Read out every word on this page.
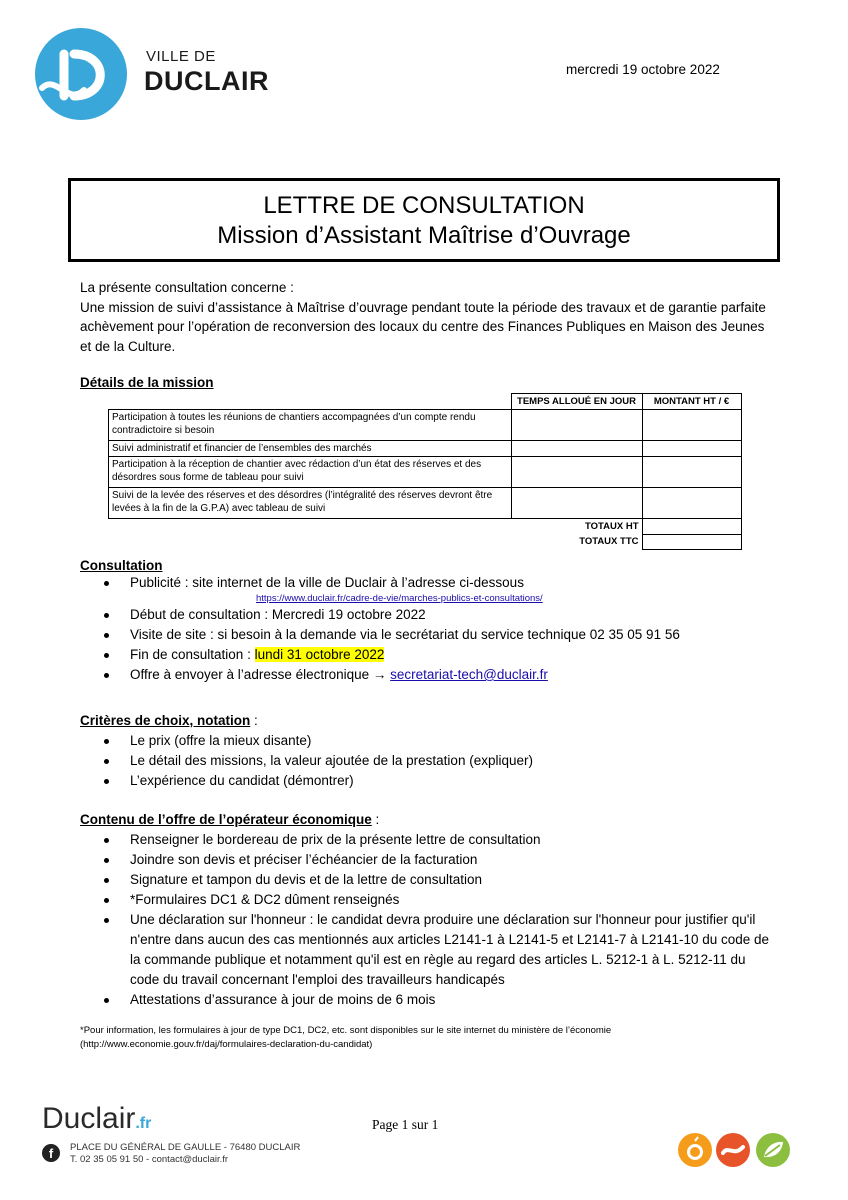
VILLE DE
DUCLAIR	mercredi 19 octobre 2022
LETTRE DE CONSULTATION
Mission d’Assistant Maîtrise d’Ouvrage
La présente consultation concerne :
Une mission de suivi d’assistance à Maîtrise d’ouvrage pendant toute la période des travaux et de garantie parfaite achèvement pour l’opération de reconversion des locaux du centre des Finances Publiques en Maison des Jeunes et de la Culture.
Détails de la mission
	TEMPS ALLOUÉ EN JOUR	MONTANT HT / €
Participation à toutes les réunions de chantiers accompagnées d’un compte rendu contradictoire si besoin		
Suivi administratif et financier de l’ensembles des marchés		
Participation à la réception de chantier avec rédaction d’un état des réserves et des désordres sous forme de tableau pour suivi		
Suivi de la levée des réserves et des désordres (l’intégralité des réserves devront être levées à la fin de la G.P.A) avec tableau de suivi		
	TOTAUX HT	
	TOTAUX TTC	
Consultation
Publicité : site internet de la ville de Duclair à l’adresse ci-dessous
https://www.duclair.fr/cadre-de-vie/marches-publics-et-consultations/
Début de consultation : Mercredi 19 octobre 2022
Visite de site : si besoin à la demande via le secrétariat du service technique 02 35 05 91 56
Fin de consultation : lundi 31 octobre 2022
Offre à envoyer à l’adresse électronique → secretariat-tech@duclair.fr
Critères de choix, notation :
Le prix (offre la mieux disante)
Le détail des missions, la valeur ajoutée de la prestation (expliquer)
L’expérience du candidat (démontrer)
Contenu de l’offre de l’opérateur économique :
Renseigner le bordereau de prix de la présente lettre de consultation
Joindre son devis et préciser l’échéancier de la facturation
Signature et tampon du devis et de la lettre de consultation
*Formulaires DC1 & DC2 dûment renseignés
Une déclaration sur l'honneur : le candidat devra produire une déclaration sur l'honneur pour justifier qu'il n'entre dans aucun des cas mentionnés aux articles L2141-1 à L2141-5 et L2141-7 à L2141-10 du code de la commande publique et notamment qu'il est en règle au regard des articles L. 5212-1 à L. 5212-11 du code du travail concernant l'emploi des travailleurs handicapés
Attestations d’assurance à jour de moins de 6 mois
*Pour information, les formulaires à jour de type DC1, DC2, etc. sont disponibles sur le site internet du ministère de l’économie
(http://www.economie.gouv.fr/daj/formulaires-declaration-du-candidat)
Duclair.fr
f	PLACE DU GÉNÉRAL DE GAULLE - 76480 DUCLAIR
T. 02 35 05 91 50 - contact@duclair.fr
Page 1 sur 1
